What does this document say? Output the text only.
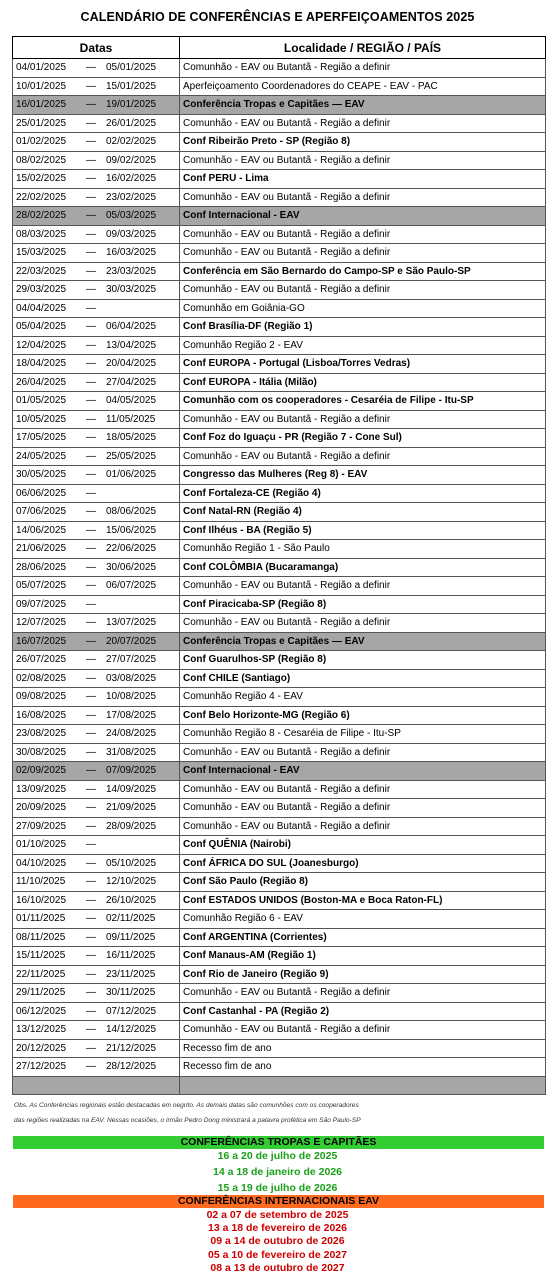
CALENDÁRIO DE CONFERÊNCIAS E APERFEIÇOAMENTOS 2025
Datas	Localidade / REGIÃO / PAÍS
04/01/2025 — 05/01/2025	Comunhão - EAV ou Butantã - Região a definir
10/01/2025 — 15/01/2025	Aperfeiçoamento Coordenadores do CEAPE - EAV - PAC
16/01/2025 — 19/01/2025	Conferência Tropas e Capitães — EAV
25/01/2025 — 26/01/2025	Comunhão - EAV ou Butantã - Região a definir
01/02/2025 — 02/02/2025	Conf Ribeirão Preto - SP (Região 8)
08/02/2025 — 09/02/2025	Comunhão - EAV ou Butantã - Região a definir
15/02/2025 — 16/02/2025	Conf PERU - Lima
22/02/2025 — 23/02/2025	Comunhão - EAV ou Butantã - Região a definir
28/02/2025 — 05/03/2025	Conf Internacional - EAV
08/03/2025 — 09/03/2025	Comunhão - EAV ou Butantã - Região a definir
15/03/2025 — 16/03/2025	Comunhão - EAV ou Butantã - Região a definir
22/03/2025 — 23/03/2025	Conferência em São Bernardo do Campo-SP e São Paulo-SP
29/03/2025 — 30/03/2025	Comunhão - EAV ou Butantã - Região a definir
04/04/2025 —	Comunhão em Goiânia-GO
05/04/2025 — 06/04/2025	Conf Brasília-DF (Região 1)
12/04/2025 — 13/04/2025	Comunhão Região 2 - EAV
18/04/2025 — 20/04/2025	Conf EUROPA - Portugal (Lisboa/Torres Vedras)
26/04/2025 — 27/04/2025	Conf EUROPA - Itália (Milão)
01/05/2025 — 04/05/2025	Comunhão com os cooperadores - Cesaréia de Filipe - Itu-SP
10/05/2025 — 11/05/2025	Comunhão - EAV ou Butantã - Região a definir
17/05/2025 — 18/05/2025	Conf Foz do Iguaçu - PR (Região 7 - Cone Sul)
24/05/2025 — 25/05/2025	Comunhão - EAV ou Butantã - Região a definir
30/05/2025 — 01/06/2025	Congresso das Mulheres (Reg 8) - EAV
06/06/2025 —	Conf Fortaleza-CE (Região 4)
07/06/2025 — 08/06/2025	Conf Natal-RN (Região 4)
14/06/2025 — 15/06/2025	Conf Ilhéus - BA (Região 5)
21/06/2025 — 22/06/2025	Comunhão Região 1 - São Paulo
28/06/2025 — 30/06/2025	Conf COLÔMBIA (Bucaramanga)
05/07/2025 — 06/07/2025	Comunhão - EAV ou Butantã - Região a definir
09/07/2025 —	Conf Piracicaba-SP (Região 8)
12/07/2025 — 13/07/2025	Comunhão - EAV ou Butantã - Região a definir
16/07/2025 — 20/07/2025	Conferência Tropas e Capitães — EAV
26/07/2025 — 27/07/2025	Conf Guarulhos-SP (Região 8)
02/08/2025 — 03/08/2025	Conf CHILE (Santiago)
09/08/2025 — 10/08/2025	Comunhão Região 4 - EAV
16/08/2025 — 17/08/2025	Conf Belo Horizonte-MG (Região 6)
23/08/2025 — 24/08/2025	Comunhão Região 8 - Cesaréia de Filipe - Itu-SP
30/08/2025 — 31/08/2025	Comunhão - EAV ou Butantã - Região a definir
02/09/2025 — 07/09/2025	Conf Internacional - EAV
13/09/2025 — 14/09/2025	Comunhão - EAV ou Butantã - Região a definir
20/09/2025 — 21/09/2025	Comunhão - EAV ou Butantã - Região a definir
27/09/2025 — 28/09/2025	Comunhão - EAV ou Butantã - Região a definir
01/10/2025 —	Conf QUÊNIA (Nairobi)
04/10/2025 — 05/10/2025	Conf ÁFRICA DO SUL (Joanesburgo)
11/10/2025 — 12/10/2025	Conf São Paulo (Região 8)
16/10/2025 — 26/10/2025	Conf ESTADOS UNIDOS (Boston-MA e Boca Raton-FL)
01/11/2025 — 02/11/2025	Comunhão Região 6 - EAV
08/11/2025 — 09/11/2025	Conf ARGENTINA (Corrientes)
15/11/2025 — 16/11/2025	Conf Manaus-AM (Região 1)
22/11/2025 — 23/11/2025	Conf Rio de Janeiro (Região 9)
29/11/2025 — 30/11/2025	Comunhão - EAV ou Butantã - Região a definir
06/12/2025 — 07/12/2025	Conf Castanhal - PA (Região 2)
13/12/2025 — 14/12/2025	Comunhão - EAV ou Butantã - Região a definir
20/12/2025 — 21/12/2025	Recesso fim de ano
27/12/2025 — 28/12/2025	Recesso fim de ano

Obs. As Conferências regionais estão destacadas em negrito. As demais datas são comunhões com os cooperadores
das regiões realizadas na EAV. Nessas ocasiões, o irmão Pedro Dong ministrará a palavra profética em São Paulo-SP
CONFERÊNCIAS TROPAS E CAPITÃES
16 a 20 de julho de 2025
14 a 18 de janeiro de 2026
15 a 19 de julho de 2026
CONFERÊNCIAS INTERNACIONAIS EAV
02 a 07 de setembro de 2025
13 a 18 de fevereiro de 2026
09 a 14 de outubro de 2026
05 a 10 de fevereiro de 2027
08 a 13 de outubro de 2027
